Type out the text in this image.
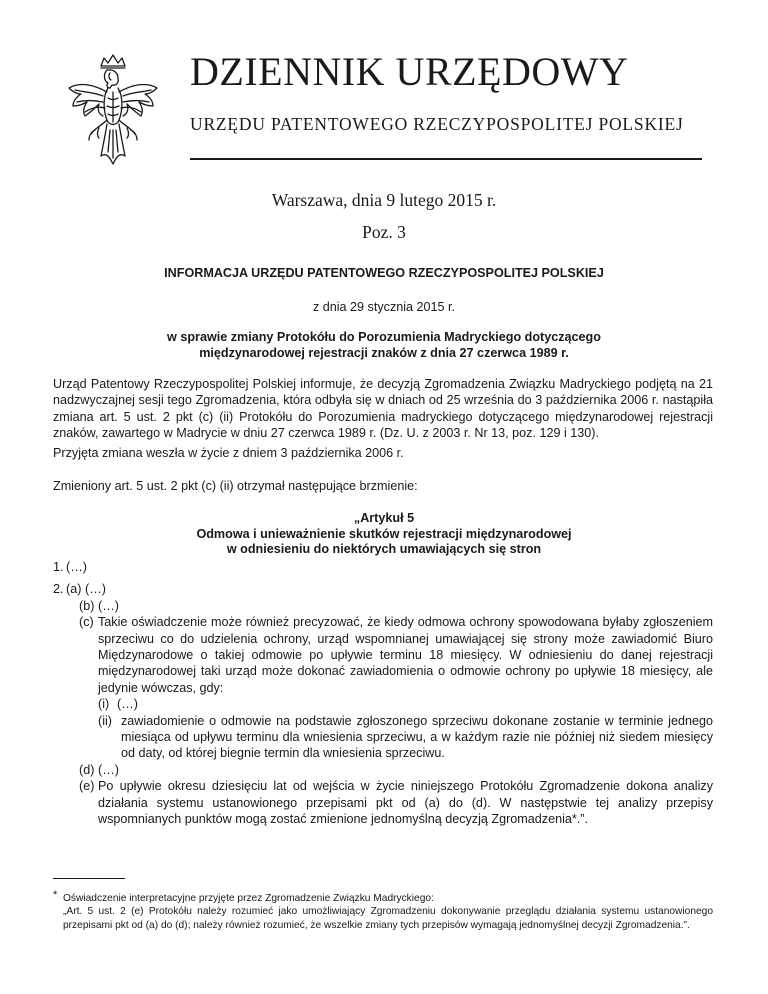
DZIENNIK URZĘDOWY
URZĘDU PATENTOWEGO RZECZYPOSPOLITEJ POLSKIEJ
Warszawa, dnia 9 lutego 2015 r.
Poz. 3
INFORMACJA URZĘDU PATENTOWEGO RZECZYPOSPOLITEJ POLSKIEJ
z dnia 29 stycznia 2015 r.
w sprawie zmiany Protokółu do Porozumienia Madryckiego dotyczącego
międzynarodowej rejestracji znaków z dnia 27 czerwca 1989 r.

Urząd Patentowy Rzeczypospolitej Polskiej informuje, że decyzją Zgromadzenia Związku Madryckiego podjętą na 21 nadzwyczajnej sesji tego Zgromadzenia, która odbyła się w dniach od 25 września do 3 października 2006 r. nastąpiła zmiana art. 5 ust. 2 pkt (c) (ii) Protokółu do Porozumienia madryckiego dotyczącego międzynarodowej rejestracji znaków, zawartego w Madrycie w dniu 27 czerwca 1989 r. (Dz. U. z 2003 r. Nr 13, poz. 129 i 130).

Przyjęta zmiana weszła w życie z dniem 3 października 2006 r.

Zmieniony art. 5 ust. 2 pkt (c) (ii) otrzymał następujące brzmienie:

„Artykuł 5
Odmowa i unieważnienie skutków rejestracji międzynarodowej
w odniesieniu do niektórych umawiających się stron
1. (…)
2. (a) (…)
(b) (…)
(c) Takie oświadczenie może również precyzować, że kiedy odmowa ochrony spowodowana byłaby zgłoszeniem sprzeciwu co do udzielenia ochrony, urząd wspomnianej umawiającej się strony może zawiadomić Biuro Międzynarodowe o takiej odmowie po upływie terminu 18 miesięcy. W odniesieniu do danej rejestracji międzynarodowej taki urząd może dokonać zawiadomienia o odmowie ochrony po upływie 18 miesięcy, ale jedynie wówczas, gdy:
(i) (…)
(ii) zawiadomienie o odmowie na podstawie zgłoszonego sprzeciwu dokonane zostanie w terminie jednego miesiąca od upływu terminu dla wniesienia sprzeciwu, a w każdym razie nie później niż siedem miesięcy od daty, od której biegnie termin dla wniesienia sprzeciwu.
(d) (…)
(e) Po upływie okresu dziesięciu lat od wejścia w życie niniejszego Protokółu Zgromadzenie dokona analizy działania systemu ustanowionego przepisami pkt od (a) do (d). W następstwie tej analizy przepisy wspomnianych punktów mogą zostać zmienione jednomyślną decyzją Zgromadzenia*.”.
* Oświadczenie interpretacyjne przyjęte przez Zgromadzenie Związku Madryckiego:
„Art. 5 ust. 2 (e) Protokółu należy rozumieć jako umożliwiający Zgromadzeniu dokonywanie przeglądu działania systemu ustanowionego przepisami pkt od (a) do (d); należy również rozumieć, że wszelkie zmiany tych przepisów wymagają jednomyślnej decyzji Zgromadzenia.”.
